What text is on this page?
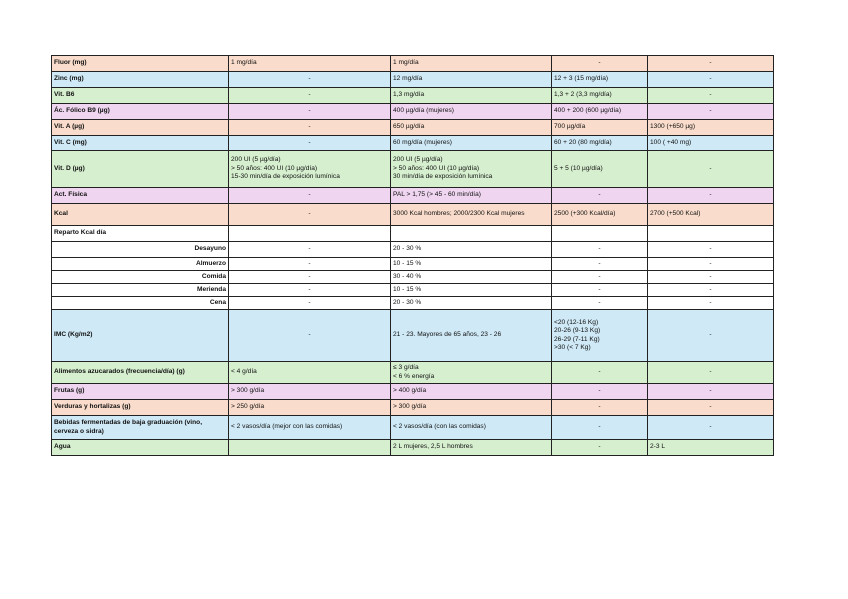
Fluor (mg)	1 mg/día	1 mg/día	-	-
Zinc (mg)	-	12 mg/día	12 + 3 (15 mg/día)	-
Vit. B6	-	1,3 mg/día	1,3 + 2 (3,3 mg/día)	-
Ác. Fólico B9 (µg)	-	400 µg/día (mujeres)	400 + 200 (600 µg/día)	-
Vit. A (µg)	-	650 µg/día	700 µg/día	1300 (+650 µg)
Vit. C (mg)	-	60 mg/día (mujeres)	60 + 20 (80 mg/día)	100 ( +40 mg)
Vit. D (µg)	200 UI (5 µg/día)
> 50 años: 400 UI (10 µg/día)
15-30 min/día de exposición lumínica	200 UI (5 µg/día)
> 50 años: 400 UI (10 µg/día)
30 min/día de exposición lumínica	5 + 5 (10 µg/día)	-
Act. Física	-	PAL > 1,75 (> 45 - 60 min/día)	-	-
Kcal	-	3000 Kcal hombres; 2000/2300 Kcal mujeres	2500 (+300 Kcal/día)	2700 (+500 Kcal)
Reparto Kcal día				
Desayuno	-	20 - 30 %	-	-
Almuerzo	-	10 - 15 %	-	-
Comida	-	30 - 40 %	-	-
Merienda	-	10 - 15 %	-	-
Cena	-	20 - 30 %	-	-
IMC (Kg/m2)	-	21 - 23. Mayores de 65 años, 23 - 26	<20 (12-16 Kg)
20-26 (9-13 Kg)
26-29 (7-11 Kg)
>30 (< 7 Kg)	-
Alimentos azucarados (frecuencia/día) (g)	< 4 g/día	≤ 3 g/día
< 6 % energía	-	-
Frutas (g)	> 300 g/día	> 400 g/día	-	-
Verduras y hortalizas (g)	> 250 g/día	> 300 g/día	-	-
Bebidas fermentadas de baja graduación (vino, cerveza o sidra)	< 2 vasos/día (mejor con las comidas)	< 2 vasos/día (con las comidas)	-	-
Agua		2 L mujeres, 2,5 L hombres	-	2-3 L
